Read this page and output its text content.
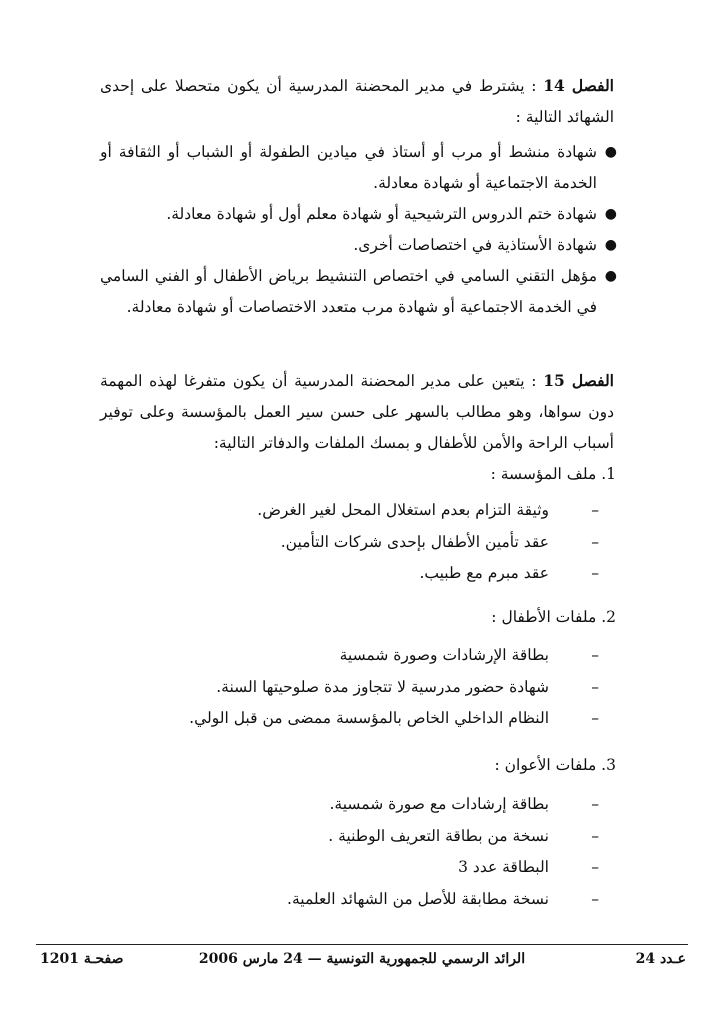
الفصل 14 : يشترط في مدير المحضنة المدرسية أن يكون متحصلا على إحدى الشهائد التالية :
●
شهادة منشط أو مرب أو أستاذ في ميادين الطفولة أو الشباب أو الثقافة أو الخدمة الاجتماعية أو شهادة معادلة.
●
شهادة ختم الدروس الترشيحية أو شهادة معلم أول أو شهادة معادلة.
●
شهادة الأستاذية في اختصاصات أخرى.
●
مؤهل التقني السامي في اختصاص التنشيط برياض الأطفال أو الفني السامي في الخدمة الاجتماعية أو شهادة مرب متعدد الاختصاصات أو شهادة معادلة.
الفصل 15 : يتعين على مدير المحضنة المدرسية أن يكون متفرغا لهذه المهمة دون سواها، وهو مطالب بالسهر على حسن سير العمل بالمؤسسة وعلى توفير أسباب الراحة والأمن للأطفال و بمسك الملفات والدفاتر التالية:
1. ملف المؤسسة :
–
وثيقة التزام بعدم استغلال المحل لغير الغرض.
–
عقد تأمين الأطفال بإحدى شركات التأمين.
–
عقد مبرم مع طبيب.
2. ملفات الأطفال :
–
بطاقة الإرشادات وصورة شمسية
–
شهادة حضور مدرسية لا تتجاوز مدة صلوحيتها السنة.
–
النظام الداخلي الخاص بالمؤسسة ممضى من قبل الولي.
3. ملفات الأعوان :
–
بطاقة إرشادات مع صورة شمسية.
–
نسخة من بطاقة التعريف الوطنية .
–
البطاقة عدد 3
–
نسخة مطابقة للأصل من الشهائد العلمية.
عـدد 24
الرائد الرسمي للجمهورية التونسية — 24 مارس 2006
صفحـة 1201
